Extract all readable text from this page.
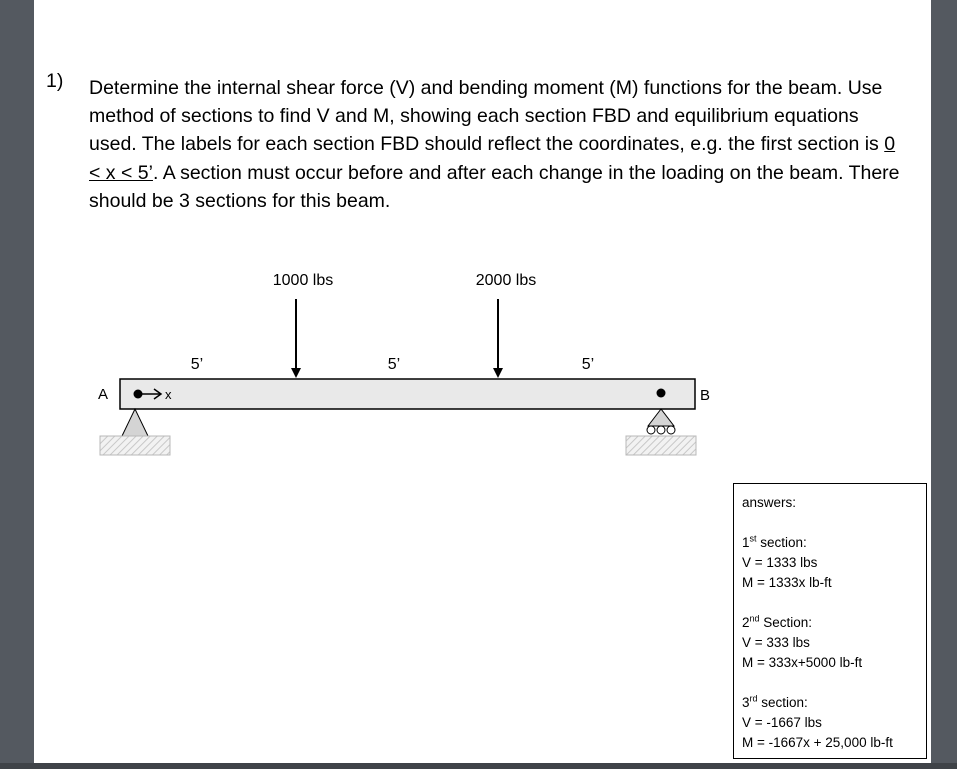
1) Determine the internal shear force (V) and bending moment (M) functions for the beam. Use method of sections to find V and M, showing each section FBD and equilibrium equations used. The labels for each section FBD should reflect the coordinates, e.g. the first section is 0 < x < 5’. A section must occur before and after each change in the loading on the beam. There should be 3 sections for this beam.
1000 lbs	2000 lbs
5’	5’	5’
A	x	B
answers:
1st section:
V = 1333 lbs
M = 1333x lb-ft
2nd Section:
V = 333 lbs
M = 333x+5000 lb-ft
3rd section:
V = -1667 lbs
M = -1667x + 25,000 lb-ft
